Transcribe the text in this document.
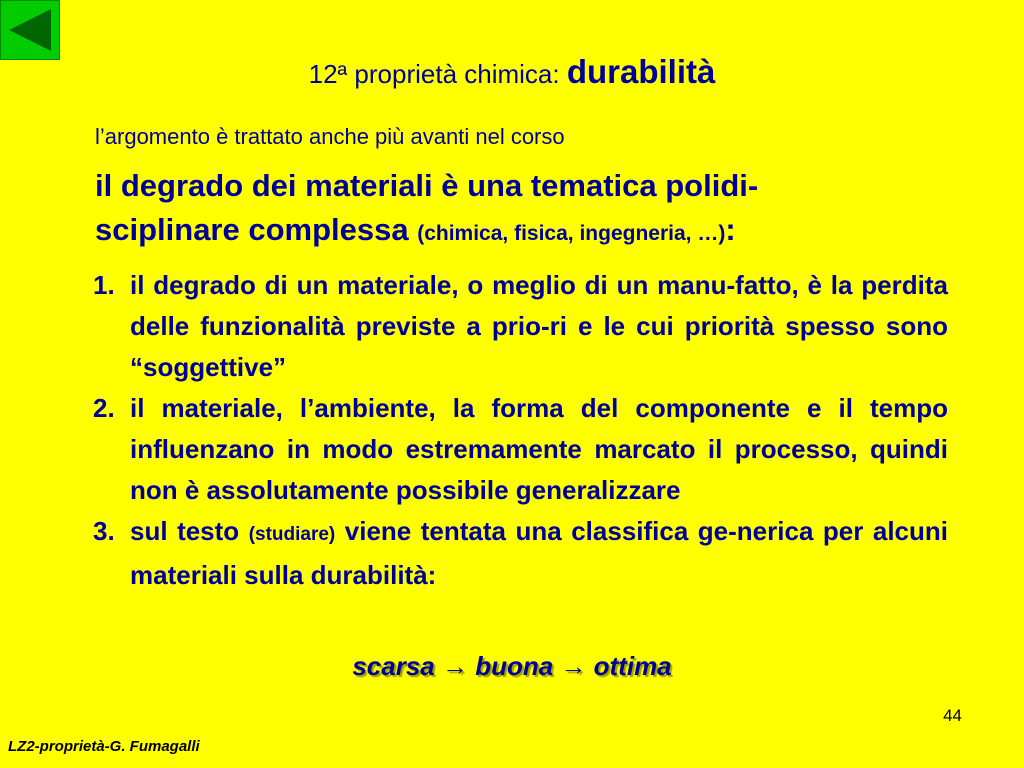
12ª proprietà chimica: durabilità
l’argomento è trattato anche più avanti nel corso
il degrado dei materiali è una tematica polidi-
sciplinare complessa (chimica, fisica, ingegneria, …):
1. il degrado di un materiale, o meglio di un manu-fatto, è la perdita delle funzionalità previste a prio-ri e le cui priorità spesso sono “soggettive”
2. il materiale, l’ambiente, la forma del componente e il tempo influenzano in modo estremamente marcato il processo, quindi non è assolutamente possibile generalizzare
3. sul testo (studiare) viene tentata una classifica ge-nerica per alcuni materiali sulla durabilità:
scarsa → buona → ottima
44
LZ2-proprietà-G. Fumagalli
